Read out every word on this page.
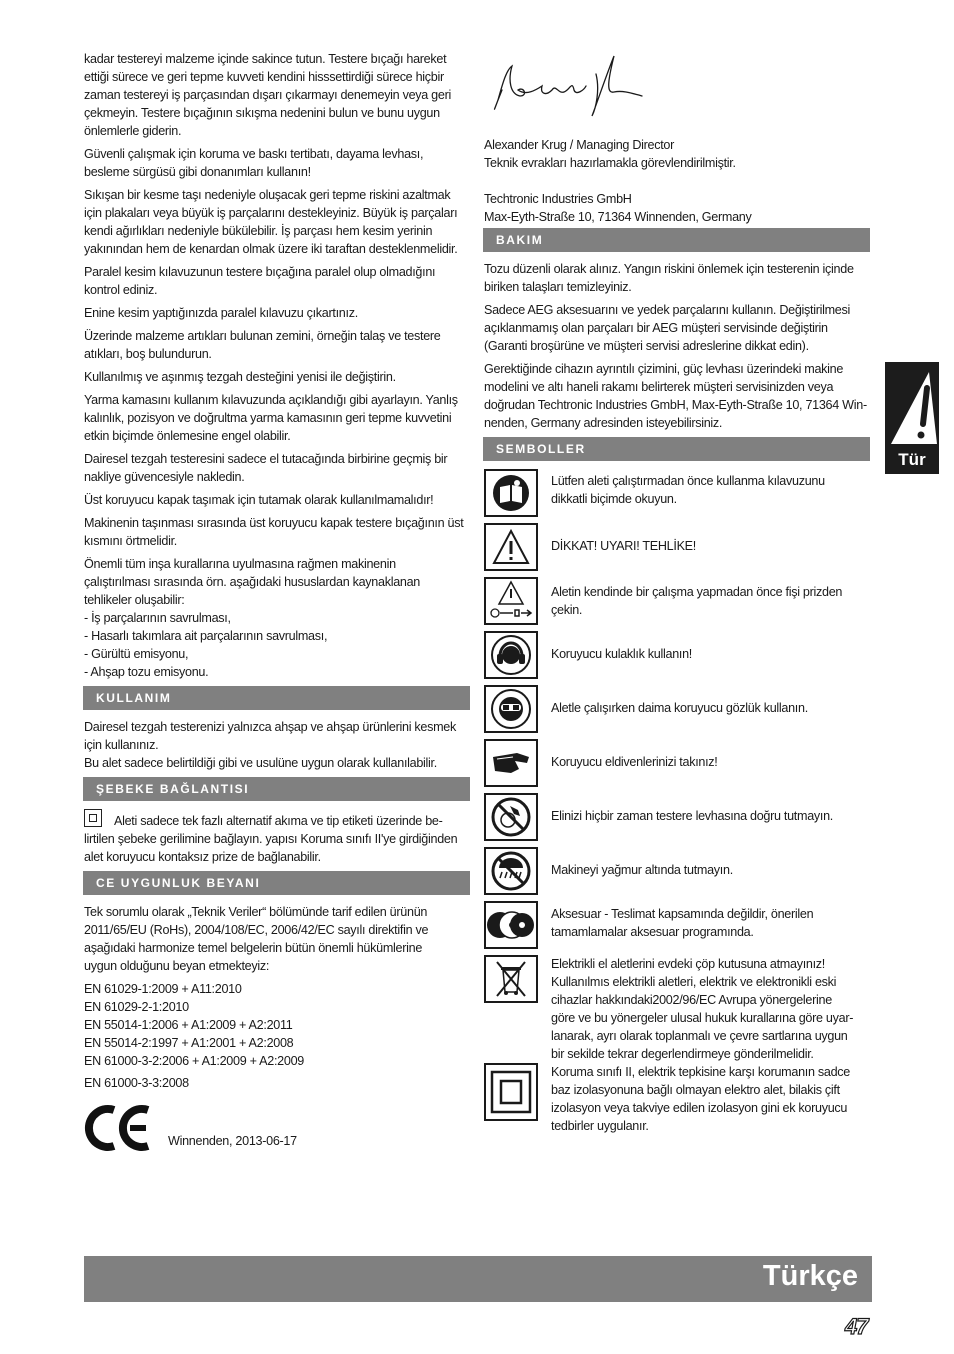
kadar testereyi malzeme içinde sakince tutun. Testere bıçağı hareket
ettiği sürece ve geri tepme kuvveti kendini hisssettirdiği sürece hiçbir
zaman testereyi iş parçasından dışarı çıkarmayı denemeyin veya geri
çekmeyin. Testere bıçağının sıkışma nedenini bulun ve bunu uygun
önlemlerle giderin.

Güvenli çalışmak için koruma ve baskı tertibatı, dayama levhası,
besleme sürgüsü gibi donanımları kullanın!

Sıkışan bir kesme taşı nedeniyle oluşacak geri tepme riskini azaltmak
için plakaları veya büyük iş parçalarını destekleyiniz. Büyük iş parçaları
kendi ağırlıkları nedeniyle bükülebilir. İş parçası hem kesim yerinin
yakınından hem de kenardan olmak üzere iki taraftan desteklenmelidir.

Paralel kesim kılavuzunun testere bıçağına paralel olup olmadığını
kontrol ediniz.

Enine kesim yaptığınızda paralel kılavuzu çıkartınız.

Üzerinde malzeme artıkları bulunan zemini, örneğin talaş ve testere
atıkları, boş bulundurun.

Kullanılmış ve aşınmış tezgah desteğini yenisi ile değiştirin.

Yarma kamasını kullanım kılavuzunda açıklandığı gibi ayarlayın. Yanlış
kalınlık, pozisyon ve doğrultma yarma kamasının geri tepme kuvvetini
etkin biçimde önlemesine engel olabilir.

Dairesel tezgah testeresini sadece el tutacağında birbirine geçmiş bir
nakliye güvencesiyle nakledin.

Üst koruyucu kapak taşımak için tutamak olarak kullanılmamalıdır!

Makinenin taşınması sırasında üst koruyucu kapak testere bıçağının üst
kısmını örtmelidir.

Önemli tüm inşa kurallarına uyulmasına rağmen makinenin
çalıştırılması sırasında örn. aşağıdaki hususlardan kaynaklanan
tehlikeler oluşabilir:
- İş parçalarının savrulması,
- Hasarlı takımlara ait parçalarının savrulması,
- Gürültü emisyonu,
- Ahşap tozu emisyonu.

KULLANIM

Dairesel tezgah testerenizi yalnızca ahşap ve ahşap ürünlerini kesmek
için kullanınız.
Bu alet sadece belirtildiği gibi ve usulüne uygun olarak kullanılabilir.

ŞEBEKE BAĞLANTISI

Aleti sadece tek fazlı alternatif akıma ve tip etiketi üzerinde be-
lirtilen şebeke gerilimine bağlayın. yapısı Koruma sınıfı II'ye girdiğinden
alet koruyucu kontaksız prize de bağlanabilir.

CE UYGUNLUK BEYANI

Tek sorumlu olarak „Teknik Veriler“ bölümünde tarif edilen ürünün
2011/65/EU (RoHs), 2004/108/EC, 2006/42/EC sayılı direktifin ve
aşağıdaki harmonize temel belgelerin bütün önemli hükümlerine
uygun olduğunu beyan etmekteyiz:

EN 61029-1:2009 + A11:2010

EN 61029-2-1:2010

EN 55014-1:2006 + A1:2009 + A2:2011

EN 55014-2:1997 + A1:2001 + A2:2008

EN 61000-3-2:2006 + A1:2009 + A2:2009

EN 61000-3-3:2008

Winnenden, 2013-06-17

Alexander Krug / Managing Director

Teknik evrakları hazırlamakla görevlendirilmiştir.

Techtronic Industries GmbH

Max-Eyth-Straße 10, 71364 Winnenden, Germany

BAKIM

Tozu düzenli olarak alınız. Yangın riskini önlemek için testerenin içinde
biriken talaşları temizleyiniz.

Sadece AEG aksesuarını ve yedek parçalarını kullanın. Değiştirilmesi
açıklanmamış olan parçaları bir AEG müşteri servisinde değiştirin
(Garanti broşürüne ve müşteri servisi adreslerine dikkat edin).

Gerektiğinde cihazın ayrıntılı çizimini, güç levhası üzerindeki makine
modelini ve altı haneli rakamı belirterek müşteri servisinizden veya
doğrudan Techtronic Industries GmbH, Max-Eyth-Straße 10, 71364 Win-
nenden, Germany adresinden isteyebilirsiniz.

SEMBOLLER
Lütfen aleti çalıştırmadan önce kullanma kılavuzunu
dikkatli biçimde okuyun.
DİKKAT! UYARI! TEHLİKE!
Aletin kendinde bir çalışma yapmadan önce fişi prizden
çekin.
Koruyucu kulaklık kullanın!
Aletle çalışırken daima koruyucu gözlük kullanın.
Koruyucu eldivenlerinizi takınız!
Elinizi hiçbir zaman testere levhasına doğru tutmayın.
Makineyi yağmur altında tutmayın.
Aksesuar - Teslimat kapsamında değildir, önerilen
tamamlamalar aksesuar programında.
Elektrikli el aletlerini evdeki çöp kutusuna atmayınız!
Kullanılmıs elektrikli aletleri, elektrik ve elektronikli eski
cihazlar hakkındaki2002/96/EC Avrupa yönergelerine
göre ve bu yönergeler ulusal hukuk kurallarına göre uyar-
lanarak, ayrı olarak toplanmalı ve çevre sartlarına uygun
bir sekilde tekrar degerlendirmeye gönderilmelidir.
Koruma sınıfı II, elektrik tepkisine karşı korumanın sadce
baz izolasyonuna bağlı olmayan elektro alet, bilakis çift
izolasyon veya takviye edilen izolasyon gini ek koruyucu
tedbirler uygulanır.
Tür
Türkçe
47
